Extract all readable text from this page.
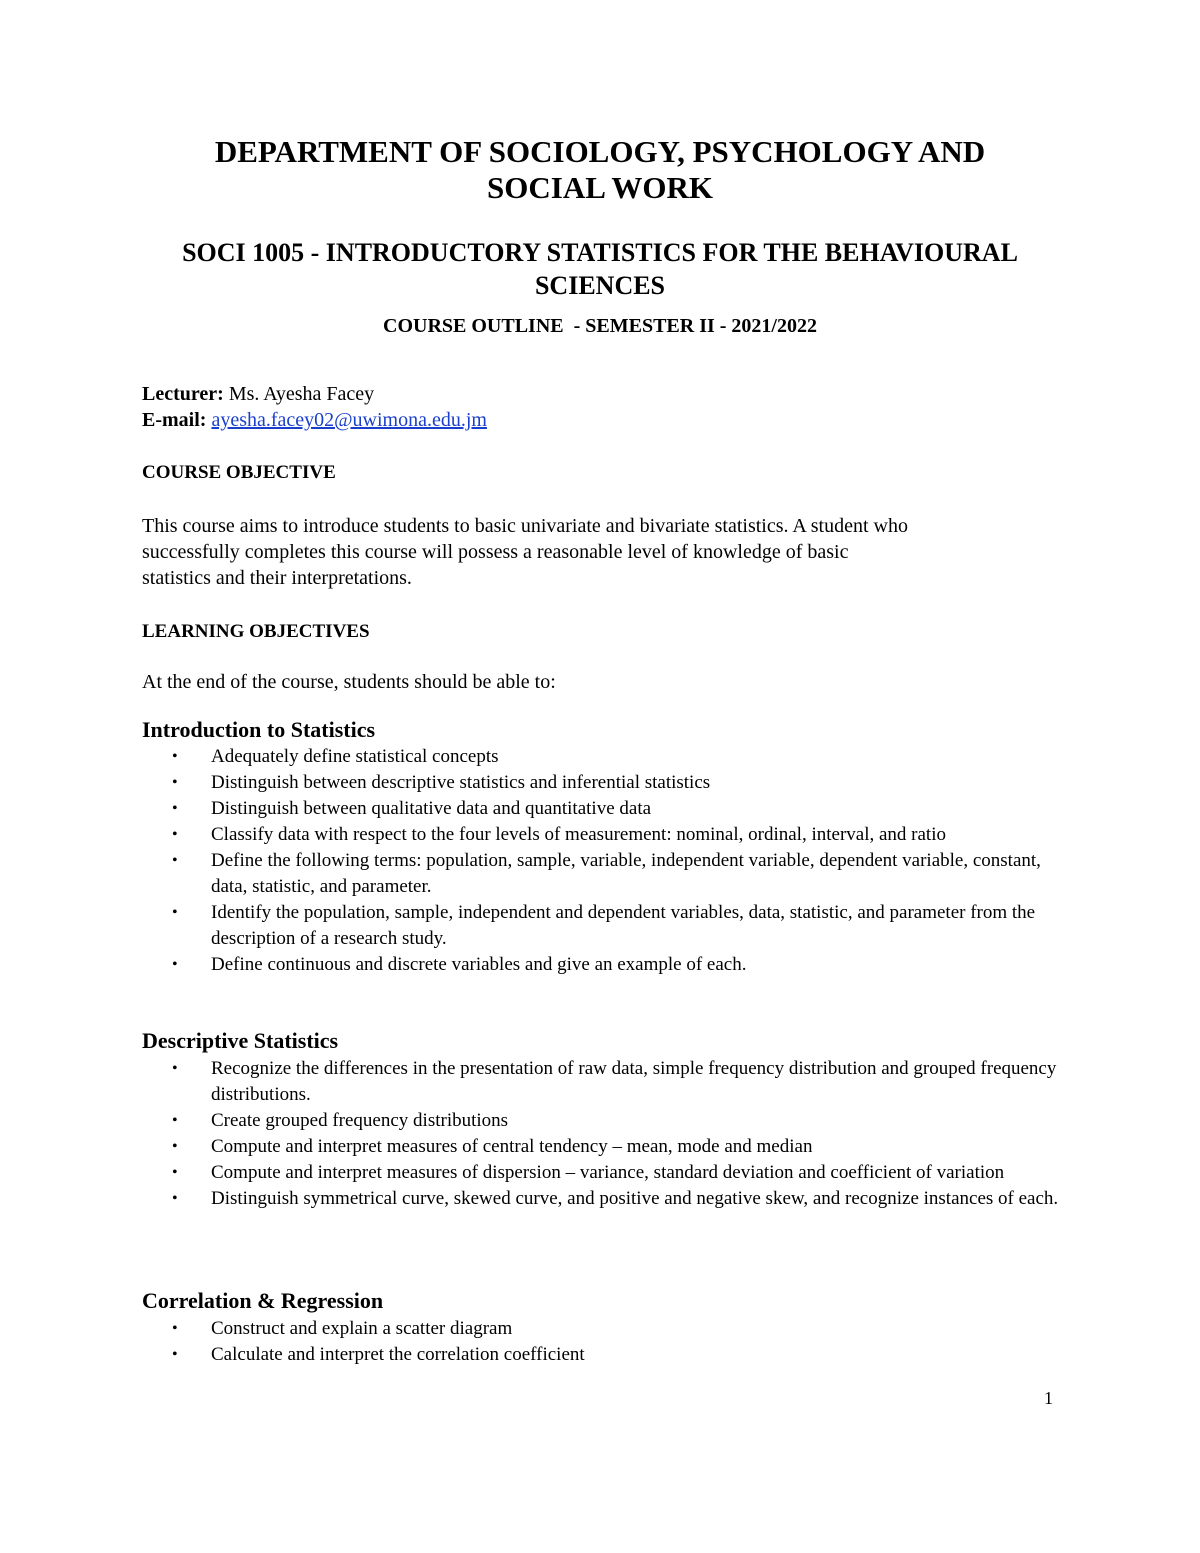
DEPARTMENT OF SOCIOLOGY, PSYCHOLOGY AND
SOCIAL WORK
SOCI 1005 - INTRODUCTORY STATISTICS FOR THE BEHAVIOURAL
SCIENCES
COURSE OUTLINE  - SEMESTER II - 2021/2022
Lecturer: Ms. Ayesha Facey
E-mail: ayesha.facey02@uwimona.edu.jm
COURSE OBJECTIVE
This course aims to introduce students to basic univariate and bivariate statistics. A student who
successfully completes this course will possess a reasonable level of knowledge of basic
statistics and their interpretations.
LEARNING OBJECTIVES
At the end of the course, students should be able to:
Introduction to Statistics
• Adequately define statistical concepts
• Distinguish between descriptive statistics and inferential statistics
• Distinguish between qualitative data and quantitative data
• Classify data with respect to the four levels of measurement: nominal, ordinal, interval, and ratio
• Define the following terms: population, sample, variable, independent variable, dependent variable, constant, data, statistic, and parameter.
• Identify the population, sample, independent and dependent variables, data, statistic, and parameter from the description of a research study.
• Define continuous and discrete variables and give an example of each.
Descriptive Statistics
• Recognize the differences in the presentation of raw data, simple frequency distribution and grouped frequency distributions.
• Create grouped frequency distributions
• Compute and interpret measures of central tendency – mean, mode and median
• Compute and interpret measures of dispersion – variance, standard deviation and coefficient of variation
• Distinguish symmetrical curve, skewed curve, and positive and negative skew, and recognize instances of each.
Correlation & Regression
• Construct and explain a scatter diagram
• Calculate and interpret the correlation coefficient
1
